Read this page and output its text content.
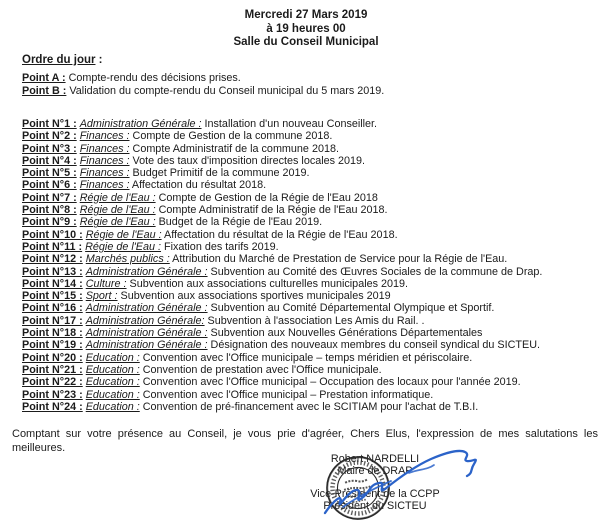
Mercredi 27 Mars 2019
à 19 heures 00
Salle du Conseil Municipal
Ordre du jour :
Point A : Compte-rendu des décisions prises.
Point B : Validation du compte-rendu du Conseil municipal du 5 mars 2019.
Point N°1 : Administration Générale : Installation d'un nouveau Conseiller.
Point N°2 : Finances : Compte de Gestion de la commune 2018.
Point N°3 : Finances : Compte Administratif de la commune 2018.
Point N°4 : Finances : Vote des taux d'imposition directes locales 2019.
Point N°5 : Finances : Budget Primitif de la commune 2019.
Point N°6 : Finances : Affectation du résultat 2018.
Point N°7 : Régie de l'Eau : Compte de Gestion de la Régie de l'Eau 2018
Point N°8 : Régie de l'Eau : Compte Administratif de la Régie de l'Eau 2018.
Point N°9 : Régie de l'Eau : Budget de la Régie de l'Eau 2019.
Point N°10 : Régie de l'Eau : Affectation du résultat de la Régie de l'Eau 2018.
Point N°11 : Régie de l'Eau : Fixation des tarifs 2019.
Point N°12 : Marchés publics : Attribution du Marché de Prestation de Service pour la Régie de l'Eau.
Point N°13 : Administration Générale : Subvention au Comité des Œuvres Sociales de la commune de Drap.
Point N°14 : Culture : Subvention aux associations culturelles municipales 2019.
Point N°15 : Sport : Subvention aux associations sportives municipales 2019
Point N°16 : Administration Générale : Subvention au Comité Départemental Olympique et Sportif.
Point N°17 : Administration Générale: Subvention à l'association Les Amis du Rail. .
Point N°18 : Administration Générale : Subvention aux Nouvelles Générations Départementales
Point N°19 : Administration Générale : Désignation des nouveaux membres du conseil syndical du SICTEU.
Point N°20 : Education : Convention avec l'Office municipale – temps méridien et périscolaire.
Point N°21 : Education : Convention de prestation avec l'Office municipale.
Point N°22 : Education : Convention avec l'Office municipal – Occupation des locaux pour l'année 2019.
Point N°23 : Education : Convention avec l'Office municipal – Prestation informatique.
Point N°24 : Education : Convention de pré-financement avec le SCITIAM pour l'achat de T.B.I.

Comptant sur votre présence au Conseil, je vous prie d'agréer, Chers Elus, l'expression de mes salutations les meilleures.

Robert NARDELLI
Maire de DRAP
Vice-Président de la CCPP
Président du SICTEU
